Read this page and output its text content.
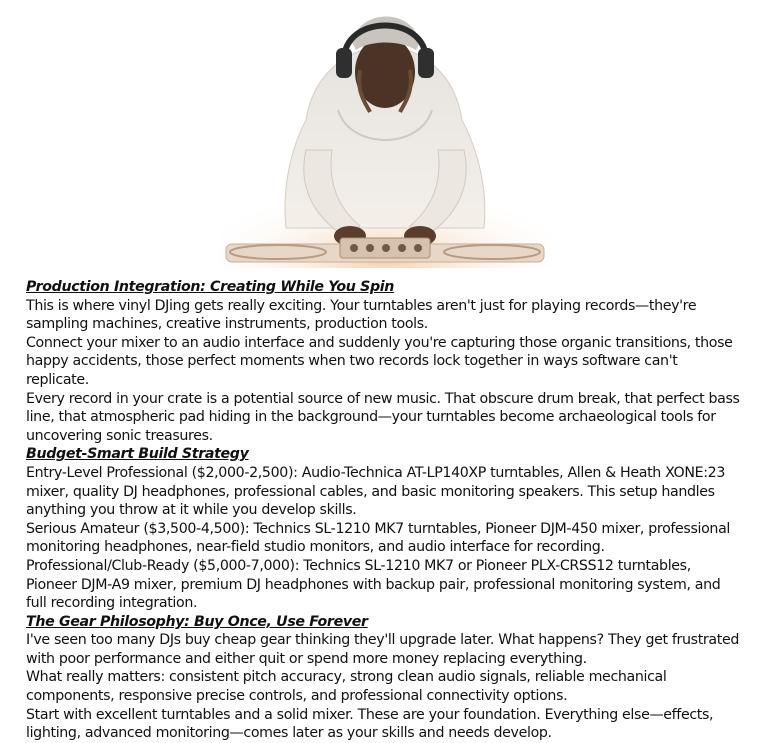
Production Integration: Creating While You Spin

This is where vinyl DJing gets really exciting. Your turntables aren't just for playing records—they're sampling machines, creative instruments, production tools.

Connect your mixer to an audio interface and suddenly you're capturing those organic transitions, those happy accidents, those perfect moments when two records lock together in ways software can't replicate.

Every record in your crate is a potential source of new music. That obscure drum break, that perfect bass line, that atmospheric pad hiding in the background—your turntables become archaeological tools for uncovering sonic treasures.

Budget-Smart Build Strategy

Entry-Level Professional ($2,000-2,500): Audio-Technica AT-LP140XP turntables, Allen & Heath XONE:23 mixer, quality DJ headphones, professional cables, and basic monitoring speakers. This setup handles anything you throw at it while you develop skills.

Serious Amateur ($3,500-4,500): Technics SL-1210 MK7 turntables, Pioneer DJM-450 mixer, professional monitoring headphones, near-field studio monitors, and audio interface for recording.

Professional/Club-Ready ($5,000-7,000): Technics SL-1210 MK7 or Pioneer PLX-CRSS12 turntables, Pioneer DJM-A9 mixer, premium DJ headphones with backup pair, professional monitoring system, and full recording integration.

The Gear Philosophy: Buy Once, Use Forever

I've seen too many DJs buy cheap gear thinking they'll upgrade later. What happens? They get frustrated with poor performance and either quit or spend more money replacing everything.

What really matters: consistent pitch accuracy, strong clean audio signals, reliable mechanical components, responsive precise controls, and professional connectivity options.

Start with excellent turntables and a solid mixer. These are your foundation. Everything else—effects, lighting, advanced monitoring—comes later as your skills and needs develop.
